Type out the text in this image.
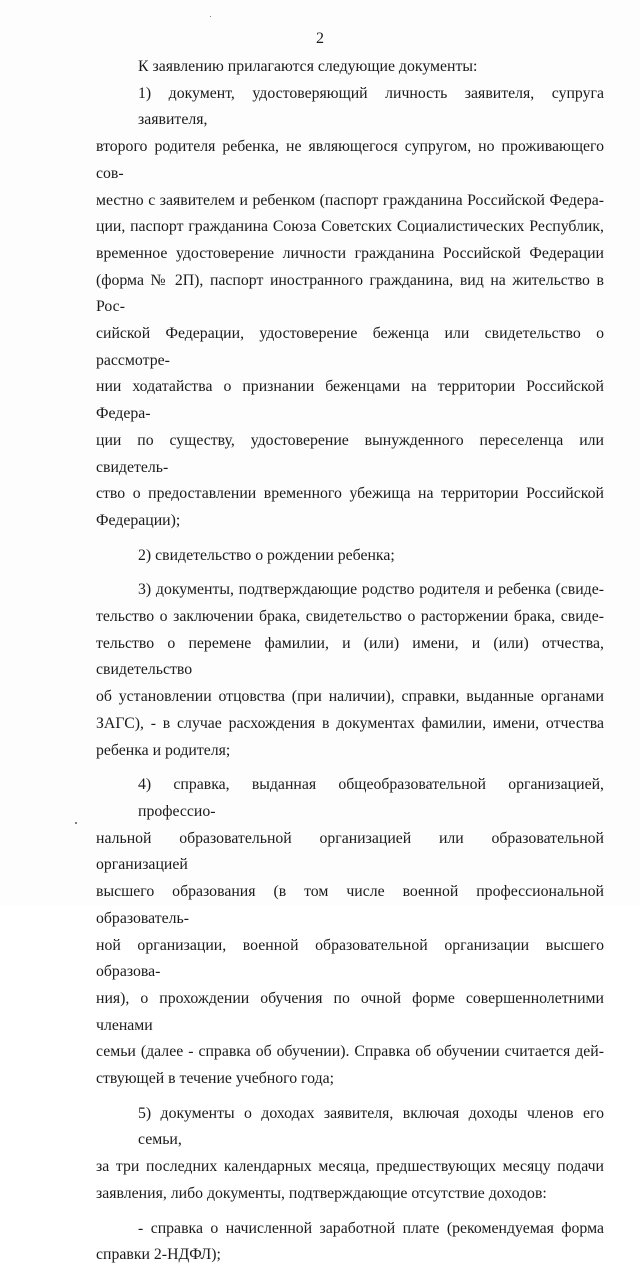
2

К заявлению прилагаются следующие документы:

1) документ, удостоверяющий личность заявителя, супруга заявителя,

второго родителя ребенка, не являющегося супругом, но проживающего сов-

местно с заявителем и ребенком (паспорт гражданина Российской Федера-

ции, паспорт гражданина Союза Советских Социалистических Республик,

временное удостоверение личности гражданина Российской Федерации

(форма № 2П), паспорт иностранного гражданина, вид на жительство в Рос-

сийской Федерации, удостоверение беженца или свидетельство о рассмотре-

нии ходатайства о признании беженцами на территории Российской Федера-

ции по существу, удостоверение вынужденного переселенца или свидетель-

ство о предоставлении временного убежища на территории Российской

Федерации);

2) свидетельство о рождении ребенка;

3) документы, подтверждающие родство родителя и ребенка (свиде-

тельство о заключении брака, свидетельство о расторжении брака, свиде-

тельство о перемене фамилии, и (или) имени, и (или) отчества, свидетельство

об установлении отцовства (при наличии), справки, выданные органами

ЗАГС), - в случае расхождения в документах фамилии, имени, отчества

ребенка и родителя;

4) справка, выданная общеобразовательной организацией, профессио-

нальной образовательной организацией или образовательной организацией

высшего образования (в том числе военной профессиональной образователь-

ной организации, военной образовательной организации высшего образова-

ния), о прохождении обучения по очной форме совершеннолетними членами

семьи (далее - справка об обучении). Справка об обучении считается дей-

ствующей в течение учебного года;

5) документы о доходах заявителя, включая доходы членов его семьи,

за три последних календарных месяца, предшествующих месяцу подачи

заявления, либо документы, подтверждающие отсутствие доходов:

- справка о начисленной заработной плате (рекомендуемая форма

справки 2-НДФЛ);
